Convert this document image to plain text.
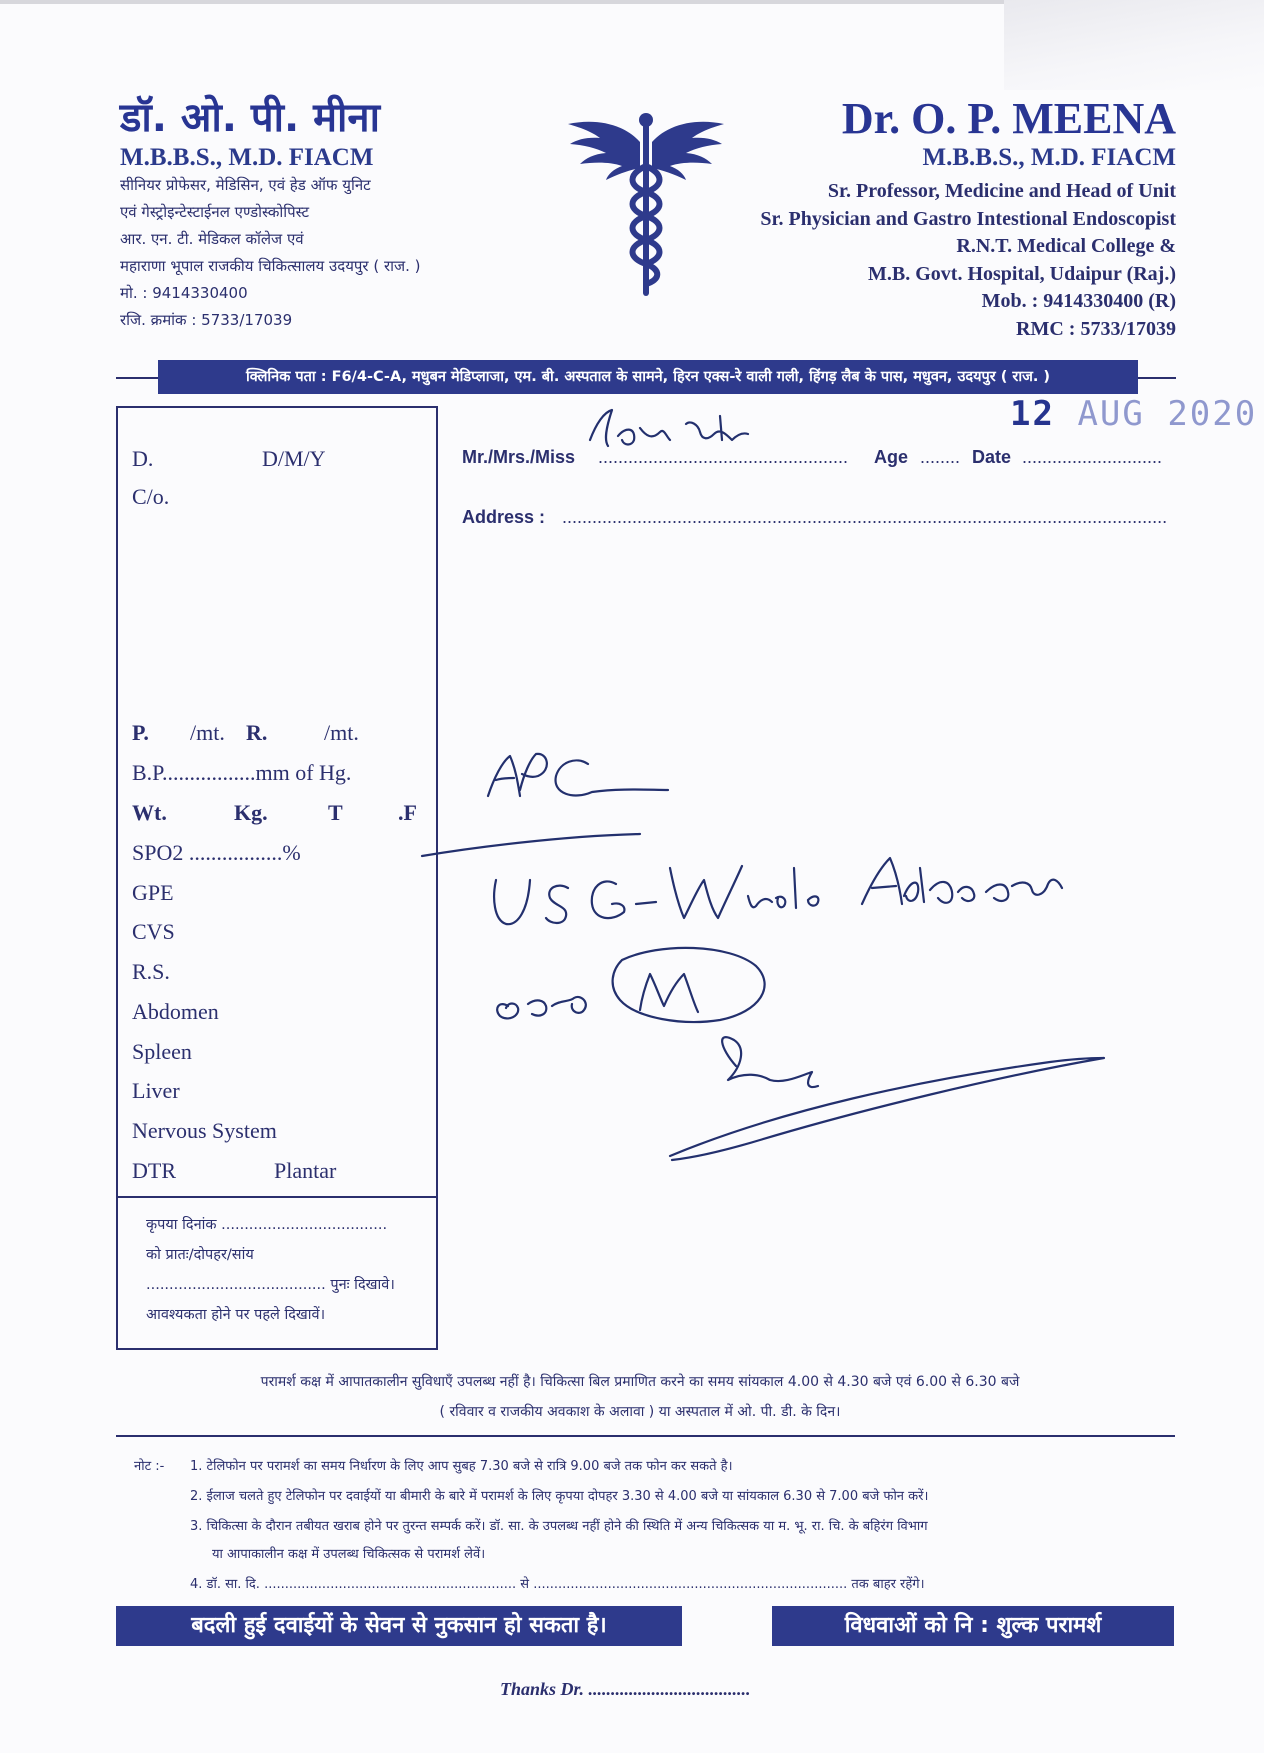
डॉ. ओ. पी. मीना
M.B.B.S., M.D. FIACM
सीनियर प्रोफेसर, मेडिसिन, एवं हेड ऑफ युनिट
एवं गेस्ट्रोइन्टेस्टाईनल एण्डोस्कोपिस्ट
आर. एन. टी. मेडिकल कॉलेज एवं
महाराणा भूपाल राजकीय चिकित्सालय उदयपुर ( राज. )
मो. : 9414330400
रजि. क्रमांक : 5733/17039
Dr. O. P. MEENA
M.B.B.S., M.D. FIACM
Sr. Professor, Medicine and Head of Unit
Sr. Physician and Gastro Intestional Endoscopist
R.N.T. Medical College &
M.B. Govt. Hospital, Udaipur (Raj.)
Mob. : 9414330400 (R)
RMC : 5733/17039
क्लिनिक पता : F6/4-C-A, मधुबन मेडिप्लाजा, एम. बी. अस्पताल के सामने, हिरन एक्स-रे वाली गली, हिंगड़ लैब के पास, मधुवन, उदयपुर ( राज. )
Mr./Mrs./Miss .................................................. Age ........ Date ............................
Address : .........................................................................................................................
12 AUG 2020
D.	D/M/Y
C/o.
P. /mt. R.	/mt.
B.P.................mm of Hg.
Wt.	Kg.	T	.F
SPO2 .................%
GPE
CVS
R.S.
Abdomen
Spleen
Liver
Nervous System
DTR	Plantar
कृपया दिनांक ....................................
को प्रातः/दोपहर/सांय
....................................... पुनः दिखावे।
आवश्यकता होने पर पहले दिखावें।
परामर्श कक्ष में आपातकालीन सुविधाएँ उपलब्ध नहीं है। चिकित्सा बिल प्रमाणित करने का समय सांयकाल 4.00 से 4.30 बजे एवं 6.00 से 6.30 बजे
( रविवार व राजकीय अवकाश के अलावा ) या अस्पताल में ओ. पी. डी. के दिन।
नोट :- 1. टेलिफोन पर परामर्श का समय निर्धारण के लिए आप सुबह 7.30 बजे से रात्रि 9.00 बजे तक फोन कर सकते है।
2. ईलाज चलते हुए टेलिफोन पर दवाईयों या बीमारी के बारे में परामर्श के लिए कृपया दोपहर 3.30 से 4.00 बजे या सांयकाल 6.30 से 7.00 बजे फोन करें।
3. चिकित्सा के दौरान तबीयत खराब होने पर तुरन्त सम्पर्क करें। डॉ. सा. के उपलब्ध नहीं होने की स्थिति में अन्य चिकित्सक या म. भू. रा. चि. के बहिरंग विभाग
या आपाकालीन कक्ष में उपलब्ध चिकित्सक से परामर्श लेवें।
4. डॉ. सा. दि. ............................................................. से ............................................................................ तक बाहर रहेंगे।
बदली हुई दवाईयों के सेवन से नुकसान हो सकता है।	विधवाओं को नि : शुल्क परामर्श
Thanks Dr. ....................................
